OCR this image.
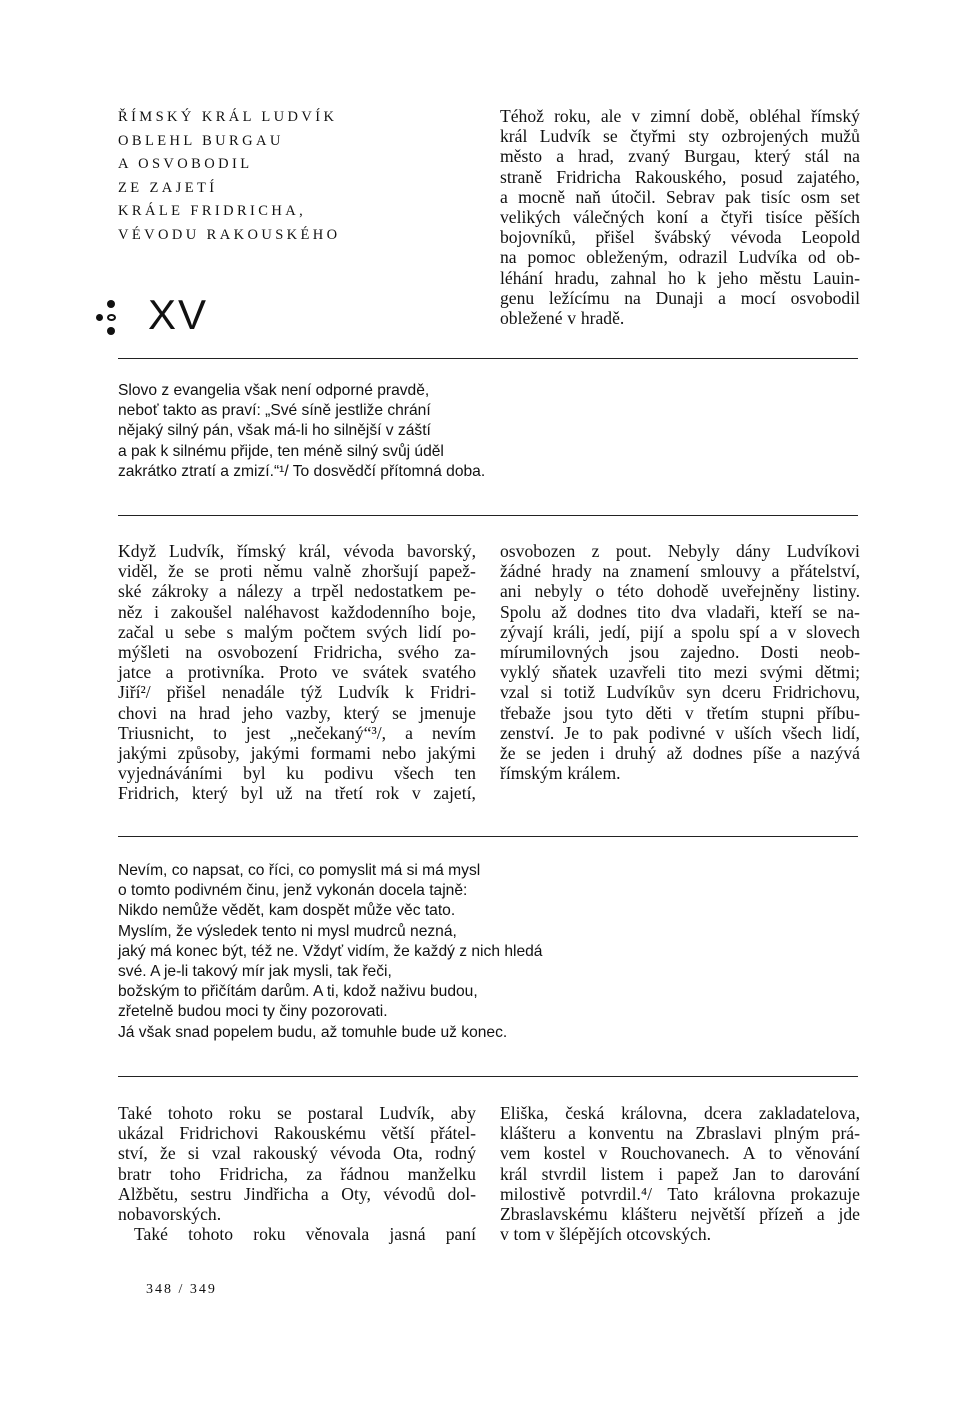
ŘÍMSKÝ KRÁL LUDVÍK
OBLEHL BURGAU
A OSVOBODIL
ZE ZAJETÍ
KRÁLE FRIDRICHA,
VÉVODU RAKOUSKÉHO
XV
Téhož roku, ale v zimní době, obléhal římský
král Ludvík se čtyřmi sty ozbrojených mužů
město a hrad, zvaný Burgau, který stál na
straně Fridricha Rakouského, posud zajatého,
a mocně naň útočil. Sebrav pak tisíc osm set
velikých válečných koní a čtyři tisíce pěších
bojovníků, přišel švábský vévoda Leopold
na pomoc obleženým, odrazil Ludvíka od ob-
léhání hradu, zahnal ho k jeho městu Lauin-
genu ležícímu na Dunaji a mocí osvobodil
obležené v hradě.
Slovo z evangelia však není odporné pravdě,
neboť takto as praví: „Své síně jestliže chrání
nějaký silný pán, však má-li ho silnější v záští
a pak k silnému přijde, ten méně silný svůj úděl
zakrátko ztratí a zmizí.“¹/ To dosvědčí přítomná doba.
Když Ludvík, římský král, vévoda bavorský,
viděl, že se proti němu valně zhoršují papež-
ské zákroky a nálezy a trpěl nedostatkem pe-
něz i zakoušel naléhavost každodenního boje,
začal u sebe s malým počtem svých lidí po-
mýšleti na osvobození Fridricha, svého za-
jatce a protivníka. Proto ve svátek svatého
Jiří²/ přišel nenadále týž Ludvík k Fridri-
chovi na hrad jeho vazby, který se jmenuje
Triusnicht, to jest „nečekaný“³/, a nevím
jakými způsoby, jakými formami nebo jakými
vyjednáváními byl ku podivu všech ten
Fridrich, který byl už na třetí rok v zajetí,
osvobozen z pout. Nebyly dány Ludvíkovi
žádné hrady na znamení smlouvy a přátelství,
ani nebyly o této dohodě uveřejněny listiny.
Spolu až dodnes tito dva vladaři, kteří se na-
zývají králi, jedí, pijí a spolu spí a v slovech
mírumilovných jsou zajedno. Dosti neob-
vyklý sňatek uzavřeli tito mezi svými dětmi;
vzal si totiž Ludvíkův syn dceru Fridrichovu,
třebaže jsou tyto děti v třetím stupni příbu-
zenství. Je to pak podivné v uších všech lidí,
že se jeden i druhý až dodnes píše a nazývá
římským králem.
Nevím, co napsat, co říci, co pomyslit má si má mysl
o tomto podivném činu, jenž vykonán docela tajně:
Nikdo nemůže vědět, kam dospět může věc tato.
Myslím, že výsledek tento ni mysl mudrců nezná,
jaký má konec být, též ne. Vždyť vidím, že každý z nich hledá
své. A je-li takový mír jak mysli, tak řeči,
božským to přičítám darům. A ti, kdož naživu budou,
zřetelně budou moci ty činy pozorovati.
Já však snad popelem budu, až tomuhle bude už konec.
Také tohoto roku se postaral Ludvík, aby
ukázal Fridrichovi Rakouskému větší přátel-
ství, že si vzal rakouský vévoda Ota, rodný
bratr toho Fridricha, za řádnou manželku
Alžbětu, sestru Jindřicha a Oty, vévodů dol-
nobavorských.
Také tohoto roku věnovala jasná paní
Eliška, česká královna, dcera zakladatelova,
klášteru a konventu na Zbraslavi plným prá-
vem kostel v Rouchovanech. A to věnování
král stvrdil listem i papež Jan to darování
milostivě potvrdil.⁴/ Tato královna prokazuje
Zbraslavskému klášteru největší přízeň a jde
v tom v šlépějích otcovských.
348 / 349
